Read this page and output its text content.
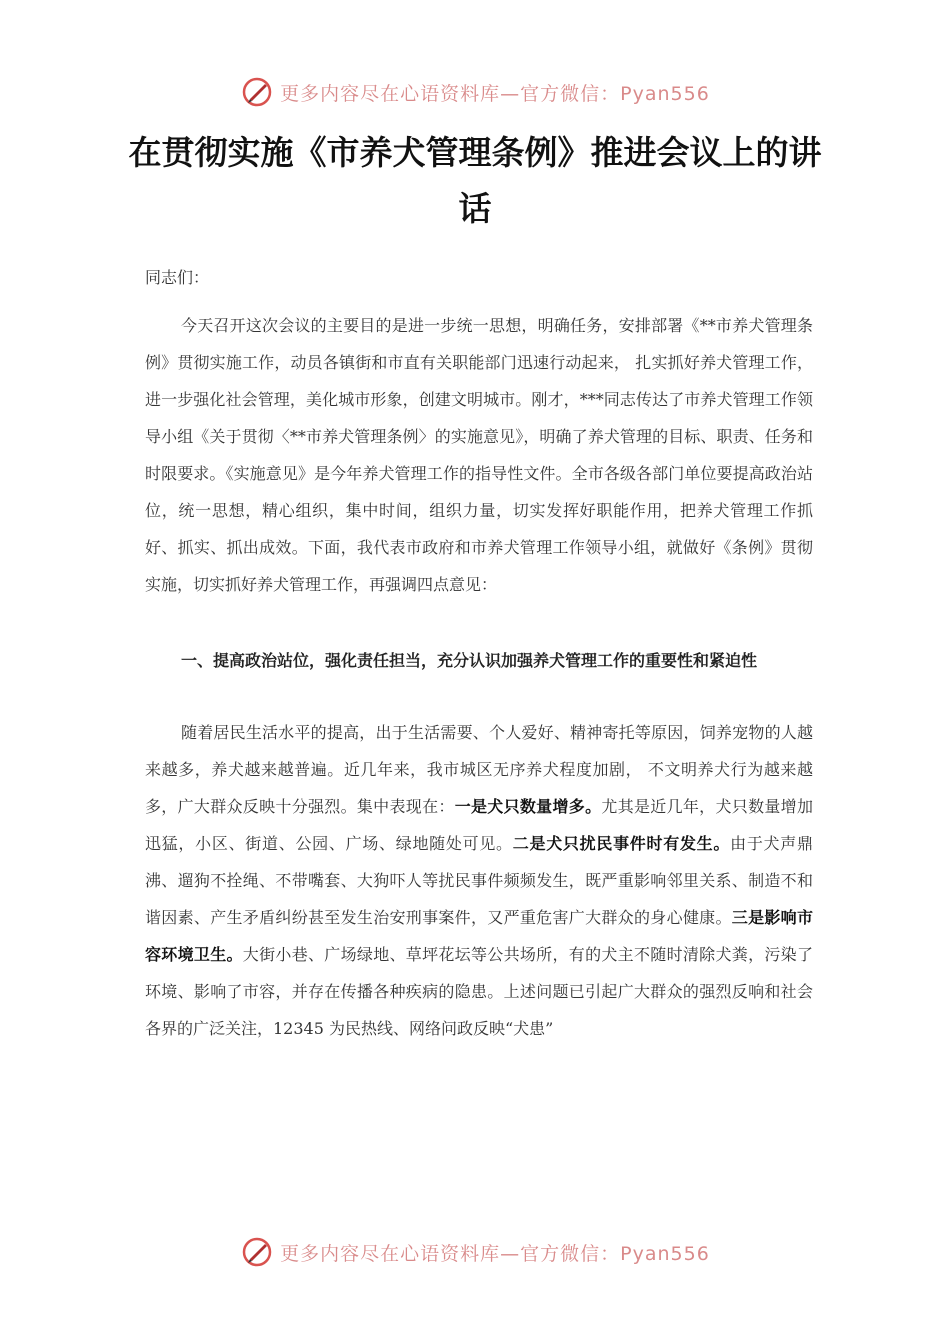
更多内容尽在心语资料库—官方微信：Pyan556
在贯彻实施《市养犬管理条例》推进会议上的讲话
同志们：

今天召开这次会议的主要目的是进一步统一思想，明确任务，安排部署《**市养犬管理条例》贯彻实施工作，动员各镇街和市直有关职能部门迅速行动起来， 扎实抓好养犬管理工作，进一步强化社会管理，美化城市形象，创建文明城市。刚才，***同志传达了市养犬管理工作领导小组《关于贯彻〈**市养犬管理条例〉的实施意见》，明确了养犬管理的目标、职责、任务和时限要求。《实施意见》是今年养犬管理工作的指导性文件。全市各级各部门单位要提高政治站位，统一思想，精心组织，集中时间，组织力量，切实发挥好职能作用，把养犬管理工作抓好、抓实、抓出成效。下面，我代表市政府和市养犬管理工作领导小组，就做好《条例》贯彻实施，切实抓好养犬管理工作，再强调四点意见：

一、提高政治站位，强化责任担当，充分认识加强养犬管理工作的重要性和紧迫性

随着居民生活水平的提高，出于生活需要、个人爱好、精神寄托等原因，饲养宠物的人越来越多，养犬越来越普遍。近几年来，我市城区无序养犬程度加剧， 不文明养犬行为越来越多，广大群众反映十分强烈。集中表现在：一是犬只数量增多。尤其是近几年，犬只数量增加迅猛，小区、街道、公园、广场、绿地随处可见。二是犬只扰民事件时有发生。由于犬声鼎沸、遛狗不拴绳、不带嘴套、大狗吓人等扰民事件频频发生，既严重影响邻里关系、制造不和谐因素、产生矛盾纠纷甚至发生治安刑事案件，又严重危害广大群众的身心健康。三是影响市容环境卫生。大街小巷、广场绿地、草坪花坛等公共场所，有的犬主不随时清除犬粪，污染了环境、影响了市容，并存在传播各种疾病的隐患。上述问题已引起广大群众的强烈反响和社会各界的广泛关注，12345 为民热线、网络问政反映“犬患”

更多内容尽在心语资料库—官方微信：Pyan556
